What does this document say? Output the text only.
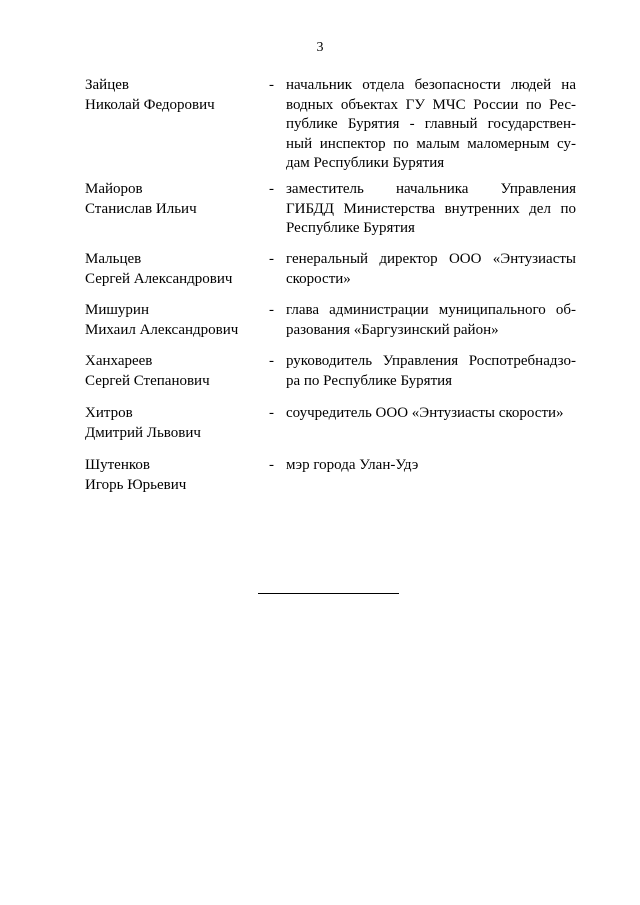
3
Зайцев
Николай Федорович
- начальник отдела безопасности людей на
водных объектах ГУ МЧС России по Рес-
публике Бурятия - главный государствен-
ный инспектор по малым маломерным су-
дам Республики Бурятия
Майоров
Станислав Ильич
- заместитель начальника Управления
ГИБДД Министерства внутренних дел по
Республике Бурятия
Мальцев
Сергей Александрович
- генеральный директор ООО «Энтузиасты
скорости»
Мишурин
Михаил Александрович
- глава администрации муниципального об-
разования «Баргузинский район»
Ханхареев
Сергей Степанович
- руководитель Управления Роспотребнадзо-
ра по Республике Бурятия
Хитров
Дмитрий Львович
- соучредитель ООО «Энтузиасты скорости»
Шутенков
Игорь Юрьевич
- мэр города Улан-Удэ
